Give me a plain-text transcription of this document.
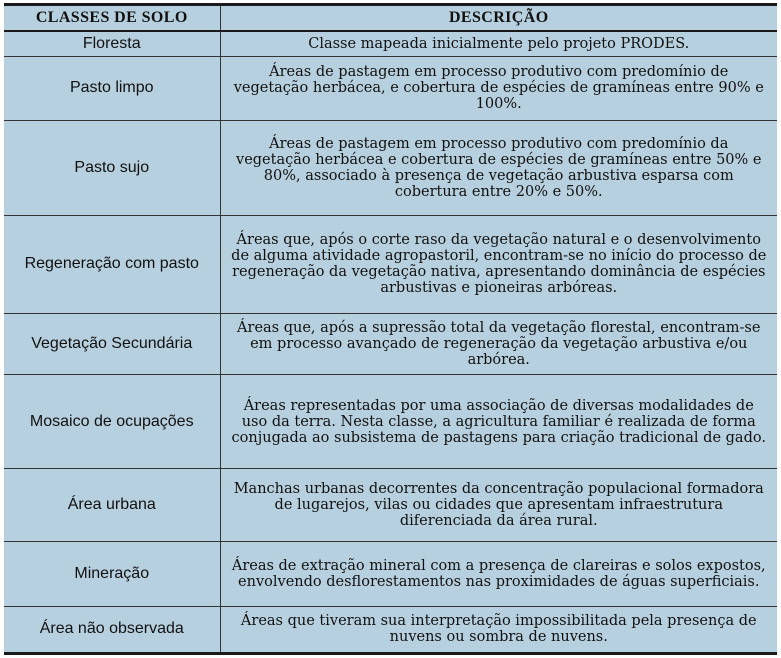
CLASSES DE SOLO	DESCRIÇÃO
Floresta	Classe mapeada inicialmente pelo projeto PRODES.
Pasto limpo	Áreas de pastagem em processo produtivo com predomínio de vegetação herbácea, e cobertura de espécies de gramíneas entre 90% e 100%.
Pasto sujo	Áreas de pastagem em processo produtivo com predomínio da vegetação herbácea e cobertura de espécies de gramíneas entre 50% e 80%, associado à presença de vegetação arbustiva esparsa com cobertura entre 20% e 50%.
Regeneração com pasto	Áreas que, após o corte raso da vegetação natural e o desenvolvimento de alguma atividade agropastoril, encontram-se no início do processo de regeneração da vegetação nativa, apresentando dominância de espécies arbustivas e pioneiras arbóreas.
Vegetação Secundária	Áreas que, após a supressão total da vegetação florestal, encontram-se em processo avançado de regeneração da vegetação arbustiva e/ou arbórea.
Mosaico de ocupações	Áreas representadas por uma associação de diversas modalidades de uso da terra. Nesta classe, a agricultura familiar é realizada de forma conjugada ao subsistema de pastagens para criação tradicional de gado.
Área urbana	Manchas urbanas decorrentes da concentração populacional formadora de lugarejos, vilas ou cidades que apresentam infraestrutura diferenciada da área rural.
Mineração	Áreas de extração mineral com a presença de clareiras e solos expostos, envolvendo desflorestamentos nas proximidades de águas superficiais.
Área não observada	Áreas que tiveram sua interpretação impossibilitada pela presença de nuvens ou sombra de nuvens.
